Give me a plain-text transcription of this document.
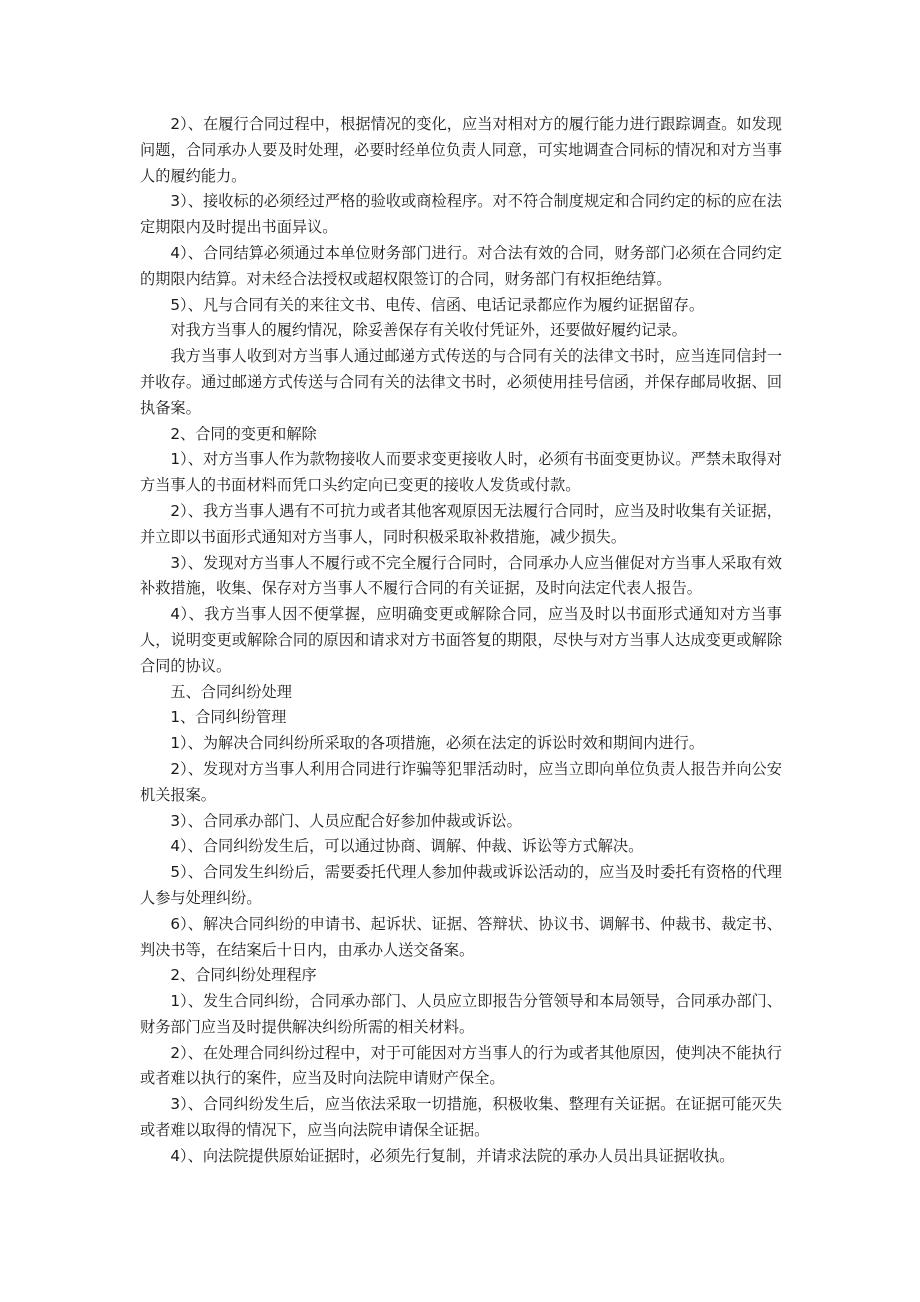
2）、在履行合同过程中，根据情况的变化，应当对相对方的履行能力进行跟踪调查。如发现问题，合同承办人要及时处理，必要时经单位负责人同意，可实地调查合同标的情况和对方当事人的履约能力。

3）、接收标的必须经过严格的验收或商检程序。对不符合制度规定和合同约定的标的应在法定期限内及时提出书面异议。

4）、合同结算必须通过本单位财务部门进行。对合法有效的合同，财务部门必须在合同约定的期限内结算。对未经合法授权或超权限签订的合同，财务部门有权拒绝结算。

5）、凡与合同有关的来往文书、电传、信函、电话记录都应作为履约证据留存。

对我方当事人的履约情况，除妥善保存有关收付凭证外，还要做好履约记录。

我方当事人收到对方当事人通过邮递方式传送的与合同有关的法律文书时，应当连同信封一并收存。通过邮递方式传送与合同有关的法律文书时，必须使用挂号信函，并保存邮局收据、回执备案。

2、合同的变更和解除

1）、对方当事人作为款物接收人而要求变更接收人时，必须有书面变更协议。严禁未取得对方当事人的书面材料而凭口头约定向已变更的接收人发货或付款。

2）、我方当事人遇有不可抗力或者其他客观原因无法履行合同时，应当及时收集有关证据，并立即以书面形式通知对方当事人，同时积极采取补救措施，减少损失。

3）、发现对方当事人不履行或不完全履行合同时，合同承办人应当催促对方当事人采取有效补救措施，收集、保存对方当事人不履行合同的有关证据，及时向法定代表人报告。

4）、我方当事人因不便掌握，应明确变更或解除合同，应当及时以书面形式通知对方当事人，说明变更或解除合同的原因和请求对方书面答复的期限，尽快与对方当事人达成变更或解除合同的协议。

五、合同纠纷处理

1、合同纠纷管理

1）、为解决合同纠纷所采取的各项措施，必须在法定的诉讼时效和期间内进行。

2）、发现对方当事人利用合同进行诈骗等犯罪活动时，应当立即向单位负责人报告并向公安机关报案。

3）、合同承办部门、人员应配合好参加仲裁或诉讼。

4）、合同纠纷发生后，可以通过协商、调解、仲裁、诉讼等方式解决。

5）、合同发生纠纷后，需要委托代理人参加仲裁或诉讼活动的，应当及时委托有资格的代理人参与处理纠纷。

6）、解决合同纠纷的申请书、起诉状、证据、答辩状、协议书、调解书、仲裁书、裁定书、判决书等，在结案后十日内，由承办人送交备案。

2、合同纠纷处理程序

1）、发生合同纠纷，合同承办部门、人员应立即报告分管领导和本局领导，合同承办部门、财务部门应当及时提供解决纠纷所需的相关材料。

2）、在处理合同纠纷过程中，对于可能因对方当事人的行为或者其他原因，使判决不能执行或者难以执行的案件，应当及时向法院申请财产保全。

3）、合同纠纷发生后，应当依法采取一切措施，积极收集、整理有关证据。在证据可能灭失或者难以取得的情况下，应当向法院申请保全证据。

4）、向法院提供原始证据时，必须先行复制，并请求法院的承办人员出具证据收执。
